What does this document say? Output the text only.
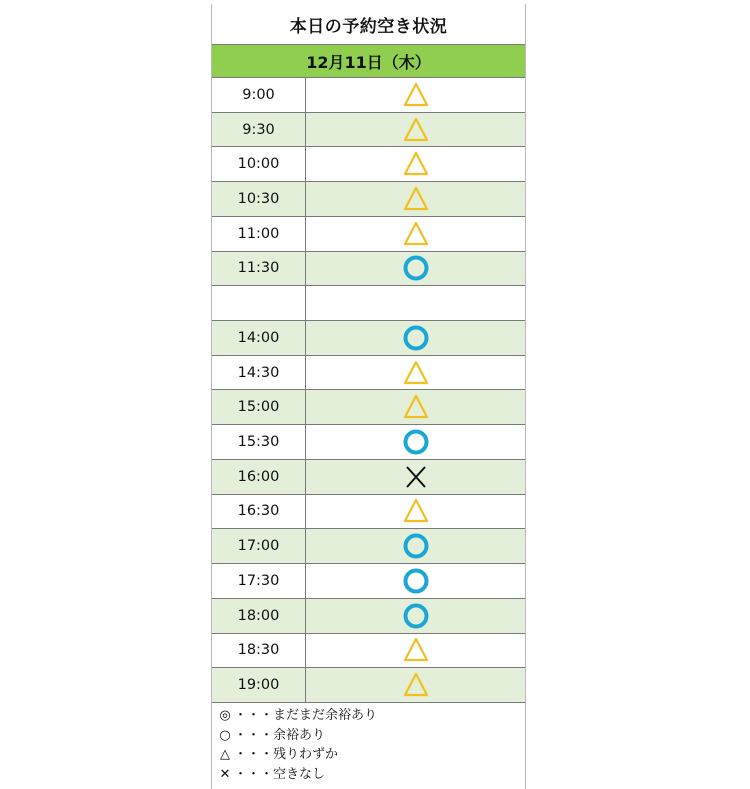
本日の予約空き状況
12月11日（木）
9:00
9:30
10:00
10:30
11:00
11:30
14:00
14:30
15:00
15:30
16:00
16:30
17:00
17:30
18:00
18:30
19:00
◎ ・・・まだまだ余裕あり
○ ・・・余裕あり
△ ・・・残りわずか
✕ ・・・空きなし
